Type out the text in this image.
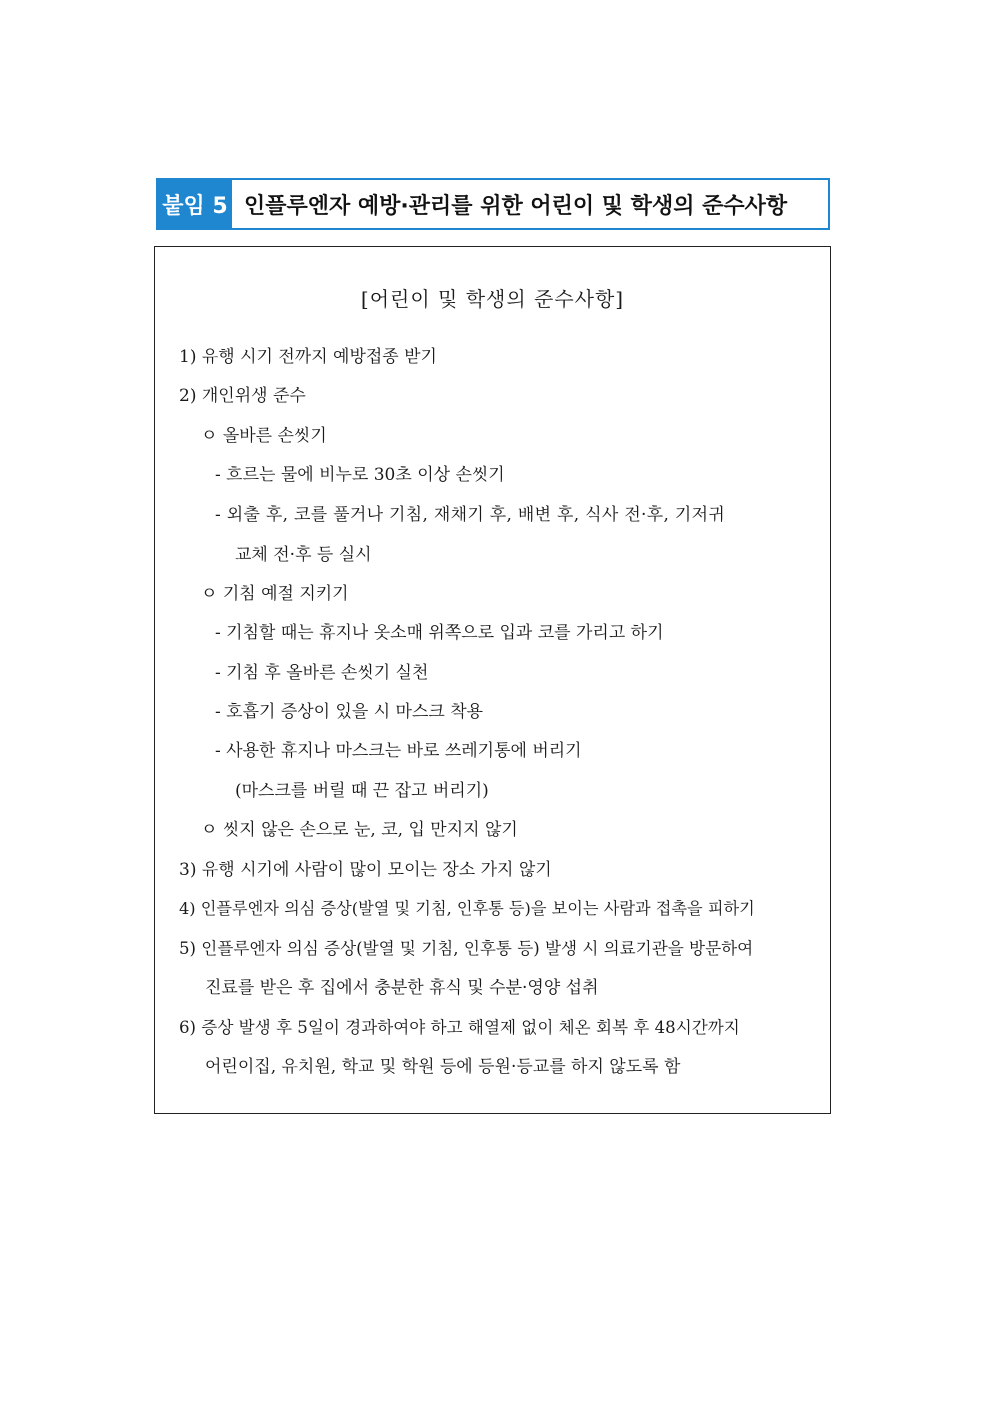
붙임 5 인플루엔자 예방·관리를 위한 어린이 및 학생의 준수사항
[어린이 및 학생의 준수사항]
1) 유행 시기 전까지 예방접종 받기
2) 개인위생 준수
ㅇ 올바른 손씻기
- 흐르는 물에 비누로 30초 이상 손씻기
- 외출 후, 코를 풀거나 기침, 재채기 후, 배변 후, 식사 전·후, 기저귀
교체 전·후 등 실시
ㅇ 기침 예절 지키기
- 기침할 때는 휴지나 옷소매 위쪽으로 입과 코를 가리고 하기
- 기침 후 올바른 손씻기 실천
- 호흡기 증상이 있을 시 마스크 착용
- 사용한 휴지나 마스크는 바로 쓰레기통에 버리기
(마스크를 버릴 때 끈 잡고 버리기)
ㅇ 씻지 않은 손으로 눈, 코, 입 만지지 않기
3) 유행 시기에 사람이 많이 모이는 장소 가지 않기
4) 인플루엔자 의심 증상(발열 및 기침, 인후통 등)을 보이는 사람과 접촉을 피하기
5) 인플루엔자 의심 증상(발열 및 기침, 인후통 등) 발생 시 의료기관을 방문하여
진료를 받은 후 집에서 충분한 휴식 및 수분·영양 섭취
6) 증상 발생 후 5일이 경과하여야 하고 해열제 없이 체온 회복 후 48시간까지
어린이집, 유치원, 학교 및 학원 등에 등원·등교를 하지 않도록 함
